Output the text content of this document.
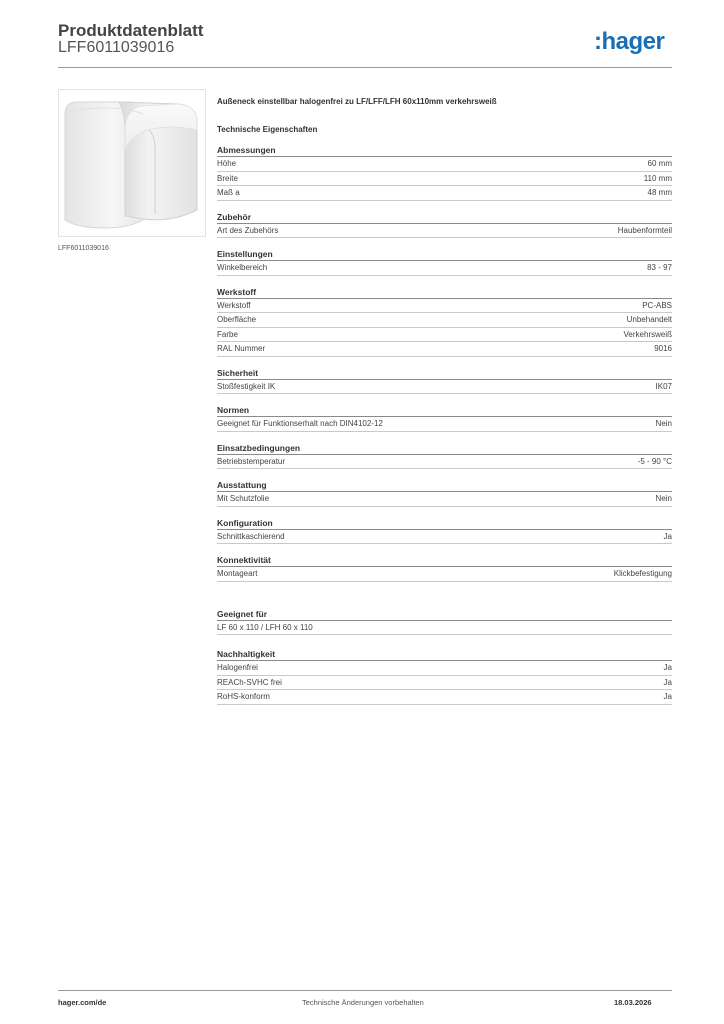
Produktdatenblatt
LFF6011039016	:hager
LFF6011039016
Außeneck einstellbar halogenfrei zu LF/LFF/LFH 60x110mm verkehrsweiß
Technische Eigenschaften
Abmessungen
Höhe	60 mm
Breite	110 mm
Maß a	48 mm
Zubehör
Art des Zubehörs	Haubenformteil
Einstellungen
Winkelbereich	83 - 97
Werkstoff
Werkstoff	PC-ABS
Oberfläche	Unbehandelt
Farbe	Verkehrsweiß
RAL Nummer	9016
Sicherheit
Stoßfestigkeit IK	IK07
Normen
Geeignet für Funktionserhalt nach DIN4102-12	Nein
Einsatzbedingungen
Betriebstemperatur	-5 - 90 °C
Ausstattung
Mit Schutzfolie	Nein
Konfiguration
Schnittkaschierend	Ja
Konnektivität
Montageart	Klickbefestigung
Geeignet für
LF 60 x 110 / LFH 60 x 110
Nachhaltigkeit
Halogenfrei	Ja
REACh-SVHC frei	Ja
RoHS-konform	Ja
hager.com/de	Technische Änderungen vorbehalten	18.03.2026
